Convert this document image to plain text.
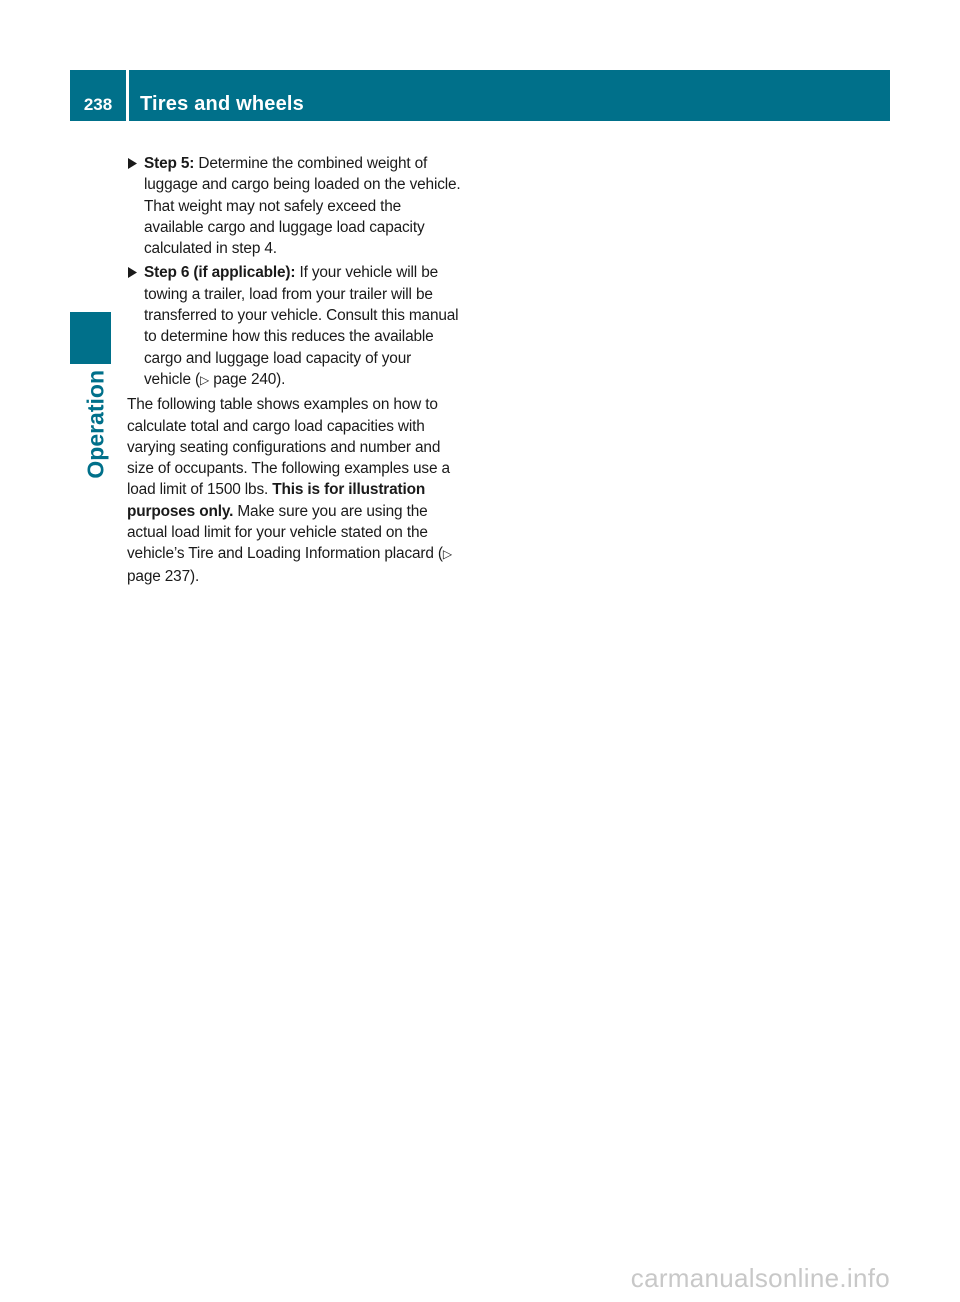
238	Tires and wheels
Operation
Step 5: Determine the combined weight of luggage and cargo being loaded on the vehicle. That weight may not safely exceed the available cargo and luggage load capacity calculated in step 4.
Step 6 (if applicable): If your vehicle will be towing a trailer, load from your trailer will be transferred to your vehicle. Consult this manual to determine how this reduces the available cargo and luggage load capacity of your vehicle (▷ page 240).
The following table shows examples on how to calculate total and cargo load capacities with varying seating configurations and number and size of occupants. The following examples use a load limit of 1500 lbs. This is for illustration purposes only. Make sure you are using the actual load limit for your vehicle stated on the vehicle’s Tire and Loading Information placard (▷ page 237).
carmanualsonline.info
